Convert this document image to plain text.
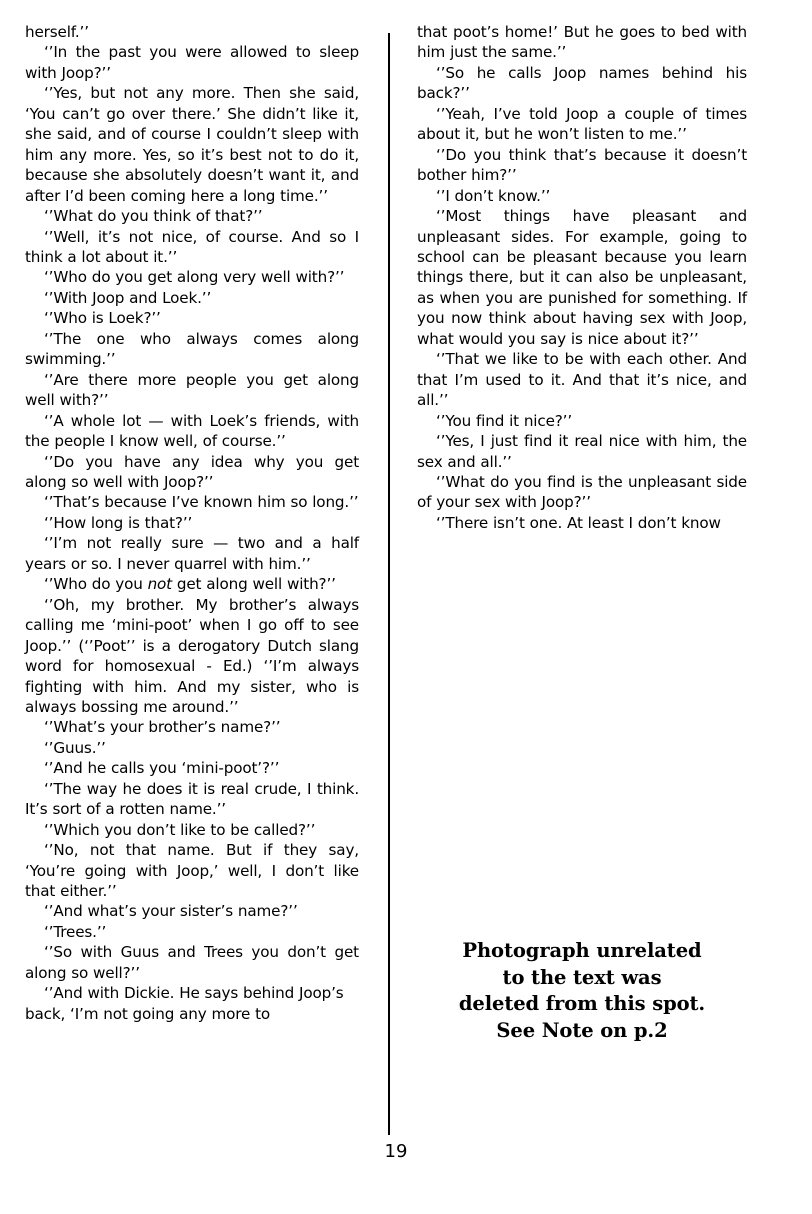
herself.’’

‘’In the past you were allowed to sleep with Joop?’’

‘’Yes, but not any more. Then she said, ‘You can’t go over there.’ She didn’t like it, she said, and of course I couldn’t sleep with him any more. Yes, so it’s best not to do it, because she absolutely doesn’t want it, and after I’d been coming here a long time.’’

‘’What do you think of that?’’

‘’Well, it’s not nice, of course. And so I think a lot about it.’’

‘’Who do you get along very well with?’’

‘’With Joop and Loek.’’

‘’Who is Loek?’’

‘’The one who always comes along swimming.’’

‘’Are there more people you get along well with?’’

‘’A whole lot — with Loek’s friends, with the people I know well, of course.’’

‘’Do you have any idea why you get along so well with Joop?’’

‘’That’s because I’ve known him so long.’’

‘’How long is that?’’

‘’I’m not really sure — two and a half years or so. I never quarrel with him.’’

‘’Who do you not get along well with?’’

‘’Oh, my brother. My brother’s always calling me ‘mini-poot’ when I go off to see Joop.’’ (‘’Poot’’ is a derogatory Dutch slang word for homosexual - Ed.) ‘’I’m always fighting with him. And my sister, who is always bossing me around.’’

‘’What’s your brother’s name?’’

‘’Guus.’’

‘’And he calls you ‘mini-poot’?’’

‘’The way he does it is real crude, I think. It’s sort of a rotten name.’’

‘’Which you don’t like to be called?’’

‘’No, not that name. But if they say, ‘You’re going with Joop,’ well, I don’t like that either.’’

‘’And what’s your sister’s name?’’

‘’Trees.’’

‘’So with Guus and Trees you don’t get along so well?’’

‘’And with Dickie. He says behind Joop’s back, ‘I’m not going any more to

that poot’s home!’ But he goes to bed with him just the same.’’

‘’So he calls Joop names behind his back?’’

‘’Yeah, I’ve told Joop a couple of times about it, but he won’t listen to me.’’

‘’Do you think that’s because it doesn’t bother him?’’

‘’I don’t know.’’

‘’Most things have pleasant and unpleasant sides. For example, going to school can be pleasant because you learn things there, but it can also be unpleasant, as when you are punished for something. If you now think about having sex with Joop, what would you say is nice about it?’’

‘’That we like to be with each other. And that I’m used to it. And that it’s nice, and all.’’

‘’You find it nice?’’

‘’Yes, I just find it real nice with him, the sex and all.’’

‘’What do you find is the unpleasant side of your sex with Joop?’’

‘’There isn’t one. At least I don’t know

Photograph unrelated
to the text was
deleted from this spot.
See Note on p.2
19
